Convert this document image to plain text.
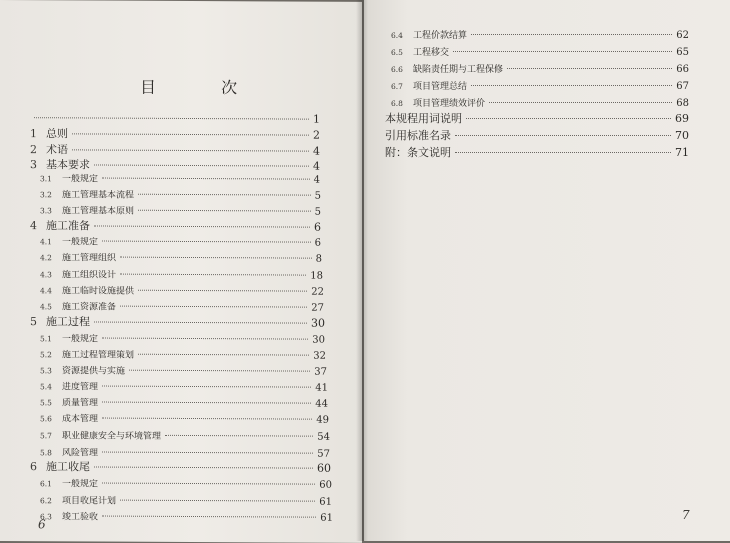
目 次
1
1 总则	2
2 术语	4
3 基本要求	4
3.1	一般规定	4
3.2	施工管理基本流程	5
3.3	施工管理基本原则	5
4 施工准备	6
4.1	一般规定	6
4.2	施工管理组织	8
4.3	施工组织设计	18
4.4	施工临时设施提供	22
4.5	施工资源准备	27
5 施工过程	30
5.1	一般规定	30
5.2	施工过程管理策划	32
5.3	资源提供与实施	37
5.4	进度管理	41
5.5	质量管理	44
5.6	成本管理	49
5.7	职业健康安全与环境管理	54
5.8	风险管理	57
6 施工收尾	60
6.1	一般规定	60
6.2	项目收尾计划	61
6.3	竣工验收	61
6
6.4	工程价款结算	62
6.5	工程移交	65
6.6	缺陷责任期与工程保修	66
6.7	项目管理总结	67
6.8	项目管理绩效评价	68
本规程用词说明	69
引用标准名录	70
附：条文说明	71
7
